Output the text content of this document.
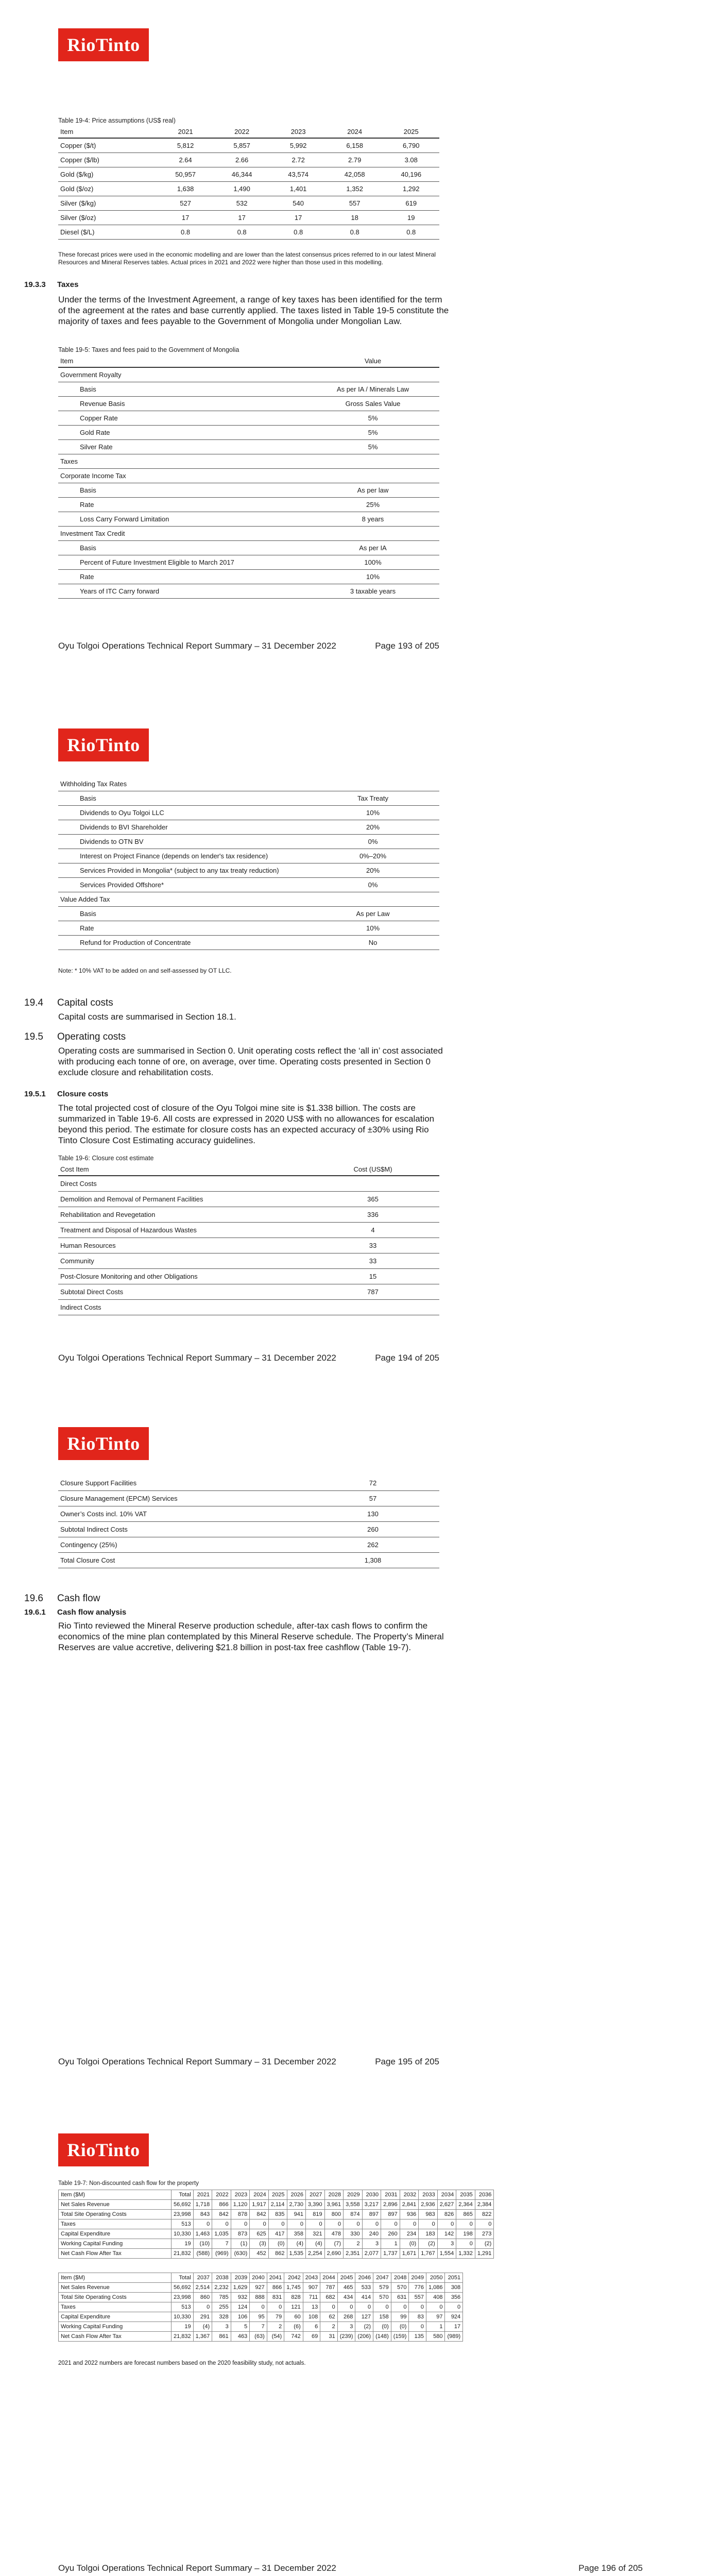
RioTinto
Table 19-4: Price assumptions (US$ real)
Item	2021	2022	2023	2024	2025
Copper ($/t)	5,812	5,857	5,992	6,158	6,790
Copper ($/lb)	2.64	2.66	2.72	2.79	3.08
Gold ($/kg)	50,957	46,344	43,574	42,058	40,196
Gold ($/oz)	1,638	1,490	1,401	1,352	1,292
Silver ($/kg)	527	532	540	557	619
Silver ($/oz)	17	17	17	18	19
Diesel ($/L)	0.8	0.8	0.8	0.8	0.8
These forecast prices were used in the economic modelling and are lower than the latest consensus prices referred to in our latest Mineral Resources and Mineral Reserves tables. Actual prices in 2021 and 2022 were higher than those used in this modelling.
19.3.3 Taxes
Under the terms of the Investment Agreement, a range of key taxes has been identified for the term of the agreement at the rates and base currently applied. The taxes listed in Table 19-5 constitute the majority of taxes and fees payable to the Government of Mongolia under Mongolian Law.
Table 19-5: Taxes and fees paid to the Government of Mongolia
Item	Value
Government Royalty	
Basis	As per IA / Minerals Law
Revenue Basis	Gross Sales Value
Copper Rate	5%
Gold Rate	5%
Silver Rate	5%
Taxes	
Corporate Income Tax	
Basis	As per law
Rate	25%
Loss Carry Forward Limitation	8 years
Investment Tax Credit	
Basis	As per IA
Percent of Future Investment Eligible to March 2017	100%
Rate	10%
Years of ITC Carry forward	3 taxable years
Oyu Tolgoi Operations Technical Report Summary – 31 December 2022	Page 193 of 205
RioTinto
Withholding Tax Rates	
Basis	Tax Treaty
Dividends to Oyu Tolgoi LLC	10%
Dividends to BVI Shareholder	20%
Dividends to OTN BV	0%
Interest on Project Finance (depends on lender's tax residence)	0%–20%
Services Provided in Mongolia* (subject to any tax treaty reduction)	20%
Services Provided Offshore*	0%
Value Added Tax	
Basis	As per Law
Rate	10%
Refund for Production of Concentrate	No
Note: * 10% VAT to be added on and self-assessed by OT LLC.
19.4 Capital costs
Capital costs are summarised in Section 18.1.
19.5 Operating costs
Operating costs are summarised in Section 0. Unit operating costs reflect the ‘all in’ cost associated with producing each tonne of ore, on average, over time. Operating costs presented in Section 0 exclude closure and rehabilitation costs.
19.5.1 Closure costs
The total projected cost of closure of the Oyu Tolgoi mine site is $1.338 billion. The costs are summarized in Table 19-6. All costs are expressed in 2020 US$ with no allowances for escalation beyond this period. The estimate for closure costs has an expected accuracy of ±30% using Rio Tinto Closure Cost Estimating accuracy guidelines.
Table 19-6: Closure cost estimate
Cost Item	Cost (US$M)
Direct Costs	
Demolition and Removal of Permanent Facilities	365
Rehabilitation and Revegetation	336
Treatment and Disposal of Hazardous Wastes	4
Human Resources	33
Community	33
Post-Closure Monitoring and other Obligations	15
Subtotal Direct Costs	787
Indirect Costs	
Oyu Tolgoi Operations Technical Report Summary – 31 December 2022	Page 194 of 205
RioTinto
Closure Support Facilities	72
Closure Management (EPCM) Services	57
Owner’s Costs incl. 10% VAT	130
Subtotal Indirect Costs	260
Contingency (25%)	262
Total Closure Cost	1,308
19.6 Cash flow
19.6.1 Cash flow analysis
Rio Tinto reviewed the Mineral Reserve production schedule, after-tax cash flows to confirm the economics of the mine plan contemplated by this Mineral Reserve schedule. The Property’s Mineral Reserves are value accretive, delivering $21.8 billion in post-tax free cashflow (Table 19-7).
Oyu Tolgoi Operations Technical Report Summary – 31 December 2022	Page 195 of 205
RioTinto
Table 19-7: Non-discounted cash flow for the property
Item ($M)	Total	2021	2022	2023	2024	2025	2026	2027	2028	2029	2030	2031	2032	2033	2034	2035	2036
Net Sales Revenue	56,692	1,718	866	1,120	1,917	2,114	2,730	3,390	3,961	3,558	3,217	2,896	2,841	2,936	2,627	2,364	2,384
Total Site Operating Costs	23,998	843	842	878	842	835	941	819	800	874	897	897	936	983	826	865	822
Taxes	513	0	0	0	0	0	0	0	0	0	0	0	0	0	0	0	0
Capital Expenditure	10,330	1,463	1,035	873	625	417	358	321	478	330	240	260	234	183	142	198	273
Working Capital Funding	19	(10)	7	(1)	(3)	(0)	(4)	(4)	(7)	2	3	1	(0)	(2)	3	0	(2)
Net Cash Flow After Tax	21,832	(588)	(969)	(630)	452	862	1,535	2,254	2,690	2,351	2,077	1,737	1,671	1,767	1,554	1,332	1,291
Item ($M)	Total	2037	2038	2039	2040	2041	2042	2043	2044	2045	2046	2047	2048	2049	2050	2051
Net Sales Revenue	56,692	2,514	2,232	1,629	927	866	1,745	907	787	465	533	579	570	776	1,086	308
Total Site Operating Costs	23,998	860	785	932	888	831	828	711	682	434	414	570	631	557	408	356
Taxes	513	0	255	124	0	0	121	13	0	0	0	0	0	0	0	0
Capital Expenditure	10,330	291	328	106	95	79	60	108	62	268	127	158	99	83	97	924
Working Capital Funding	19	(4)	3	5	7	2	(6)	6	2	3	(2)	(0)	(0)	0	1	17
Net Cash Flow After Tax	21,832	1,367	861	463	(63)	(54)	742	69	31	(239)	(206)	(148)	(159)	135	580	(989)
2021 and 2022 numbers are forecast numbers based on the 2020 feasibility study, not actuals.
Oyu Tolgoi Operations Technical Report Summary – 31 December 2022	Page 196 of 205
